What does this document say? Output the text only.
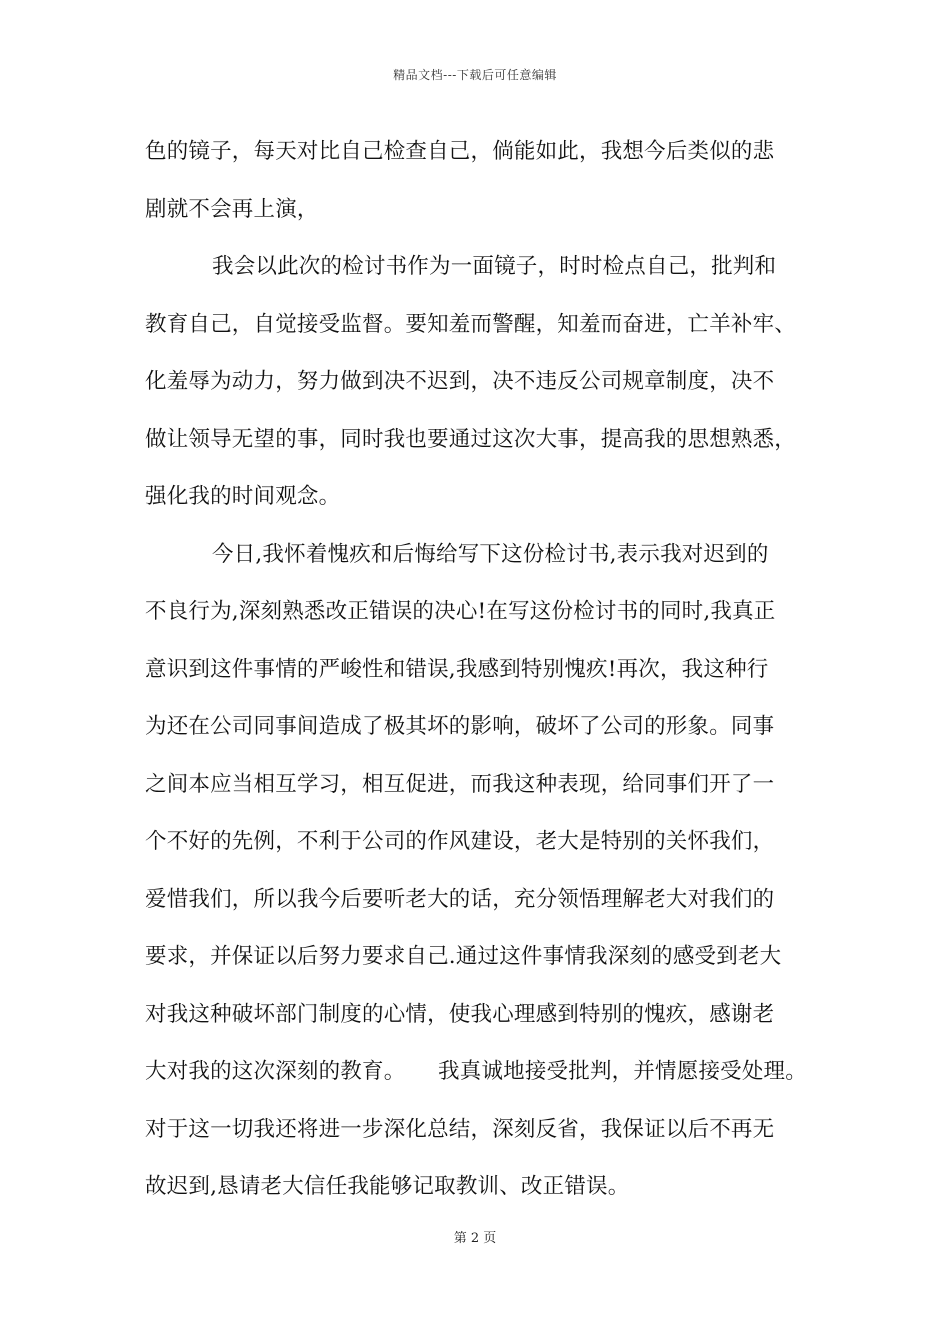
精品文档---下载后可任意编辑
色的镜子，每天对比自己检查自己，倘能如此，我想今后类似的悲
剧就不会再上演，
我会以此次的检讨书作为一面镜子，时时检点自己，批判和
教育自己，自觉接受监督。要知羞而警醒，知羞而奋进，亡羊补牢、
化羞辱为动力，努力做到决不迟到，决不违反公司规章制度，决不
做让领导无望的事，同时我也要通过这次大事，提高我的思想熟悉，
强化我的时间观念。
今日,我怀着愧疚和后悔给写下这份检讨书,表示我对迟到的
不良行为,深刻熟悉改正错误的决心!在写这份检讨书的同时,我真正
意识到这件事情的严峻性和错误,我感到特别愧疚!再次，我这种行
为还在公司同事间造成了极其坏的影响，破坏了公司的形象。同事
之间本应当相互学习，相互促进，而我这种表现，给同事们开了一
个不好的先例，不利于公司的作风建设，老大是特别的关怀我们，
爱惜我们，所以我今后要听老大的话，充分领悟理解老大对我们的
要求，并保证以后努力要求自己.通过这件事情我深刻的感受到老大
对我这种破坏部门制度的心情，使我心理感到特别的愧疚，感谢老
大对我的这次深刻的教育。　　我真诚地接受批判，并情愿接受处理。
对于这一切我还将进一步深化总结，深刻反省，我保证以后不再无
故迟到,恳请老大信任我能够记取教训、改正错误。
第 2 页
